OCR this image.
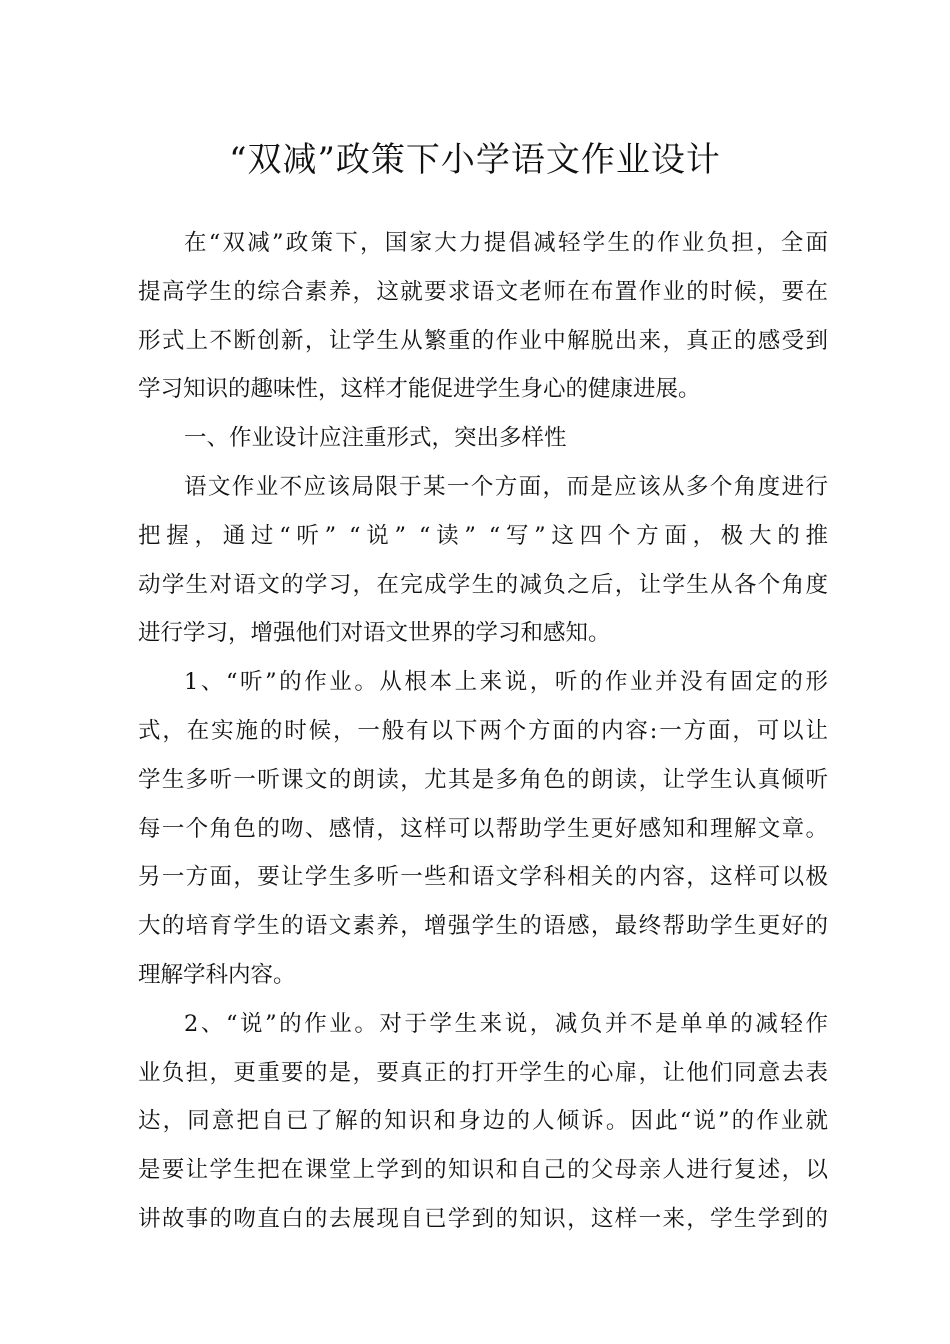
“双减”政策下小学语文作业设计
在“双减”政策下，国家大力提倡减轻学生的作业负担，全面
提高学生的综合素养，这就要求语文老师在布置作业的时候，要在
形式上不断创新，让学生从繁重的作业中解脱出来，真正的感受到
学习知识的趣味性，这样才能促进学生身心的健康进展。
一、作业设计应注重形式，突出多样性
语文作业不应该局限于某一个方面，而是应该从多个角度进行
把握，通过“听” “说” “读” “写”这四个方面，极大的推
动学生对语文的学习，在完成学生的减负之后，让学生从各个角度
进行学习，增强他们对语文世界的学习和感知。
1、“听”的作业。从根本上来说，听的作业并没有固定的形
式，在实施的时候，一般有以下两个方面的内容:一方面，可以让
学生多听一听课文的朗读，尤其是多角色的朗读，让学生认真倾听
每一个角色的吻、感情，这样可以帮助学生更好感知和理解文章。
另一方面，要让学生多听一些和语文学科相关的内容，这样可以极
大的培育学生的语文素养，增强学生的语感，最终帮助学生更好的
理解学科内容。
2、“说”的作业。对于学生来说，减负并不是单单的减轻作
业负担，更重要的是，要真正的打开学生的心扉，让他们同意去表
达，同意把自已了解的知识和身边的人倾诉。因此“说”的作业就
是要让学生把在课堂上学到的知识和自己的父母亲人进行复述，以
讲故事的吻直白的去展现自已学到的知识，这样一来，学生学到的
